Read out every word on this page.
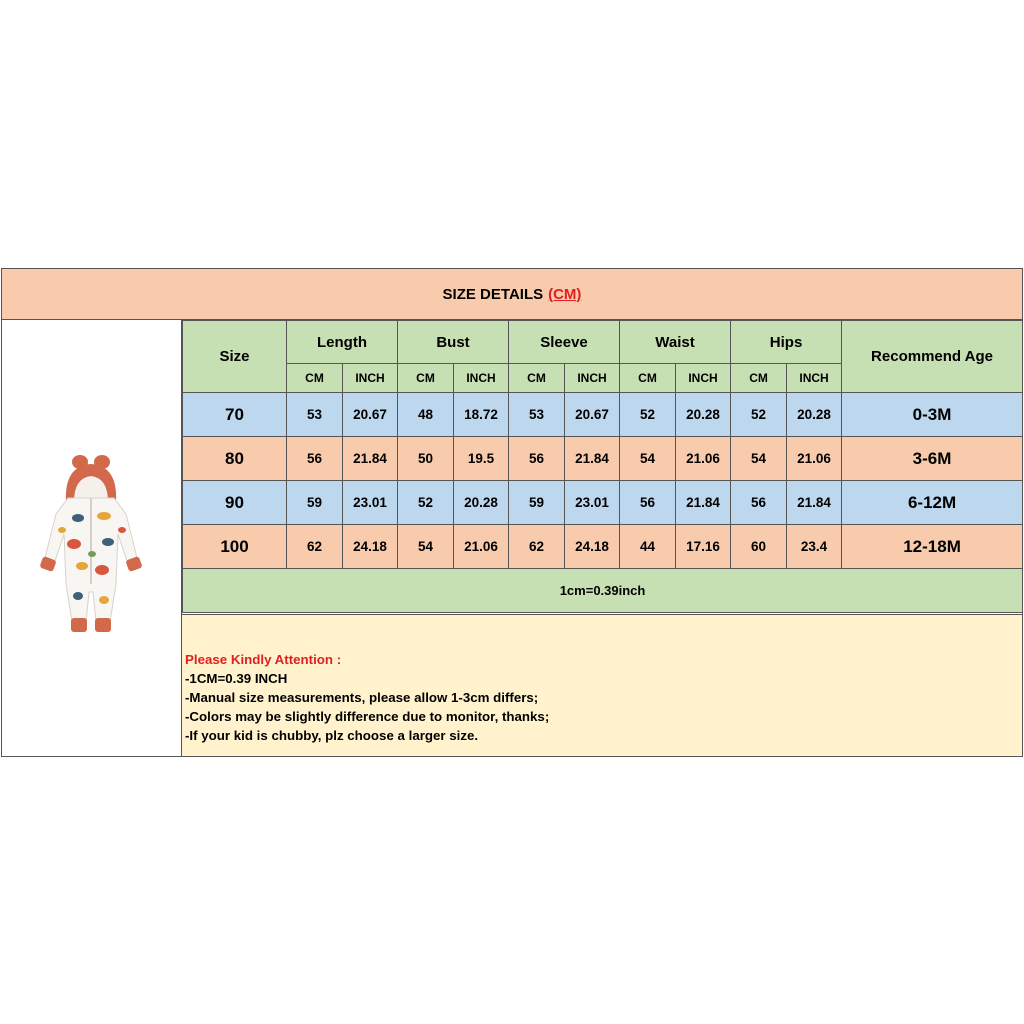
SIZE DETAILS (CM)
Size	Length		Bust		Sleeve		Waist		Hips		Recommend Age
	CM	INCH	CM	INCH	CM	INCH	CM	INCH	CM	INCH	
70	53	20.67	48	18.72	53	20.67	52	20.28	52	20.28	0-3M
80	56	21.84	50	19.5	56	21.84	54	21.06	54	21.06	3-6M
90	59	23.01	52	20.28	59	23.01	56	21.84	56	21.84	6-12M
100	62	24.18	54	21.06	62	24.18	44	17.16	60	23.4	12-18M
1cm=0.39inch											
Please Kindly Attention :
-1CM=0.39 INCH
-Manual size measurements, please allow 1-3cm differs;
-Colors may be slightly difference due to monitor, thanks;
-If your kid is chubby, plz choose a larger size.
